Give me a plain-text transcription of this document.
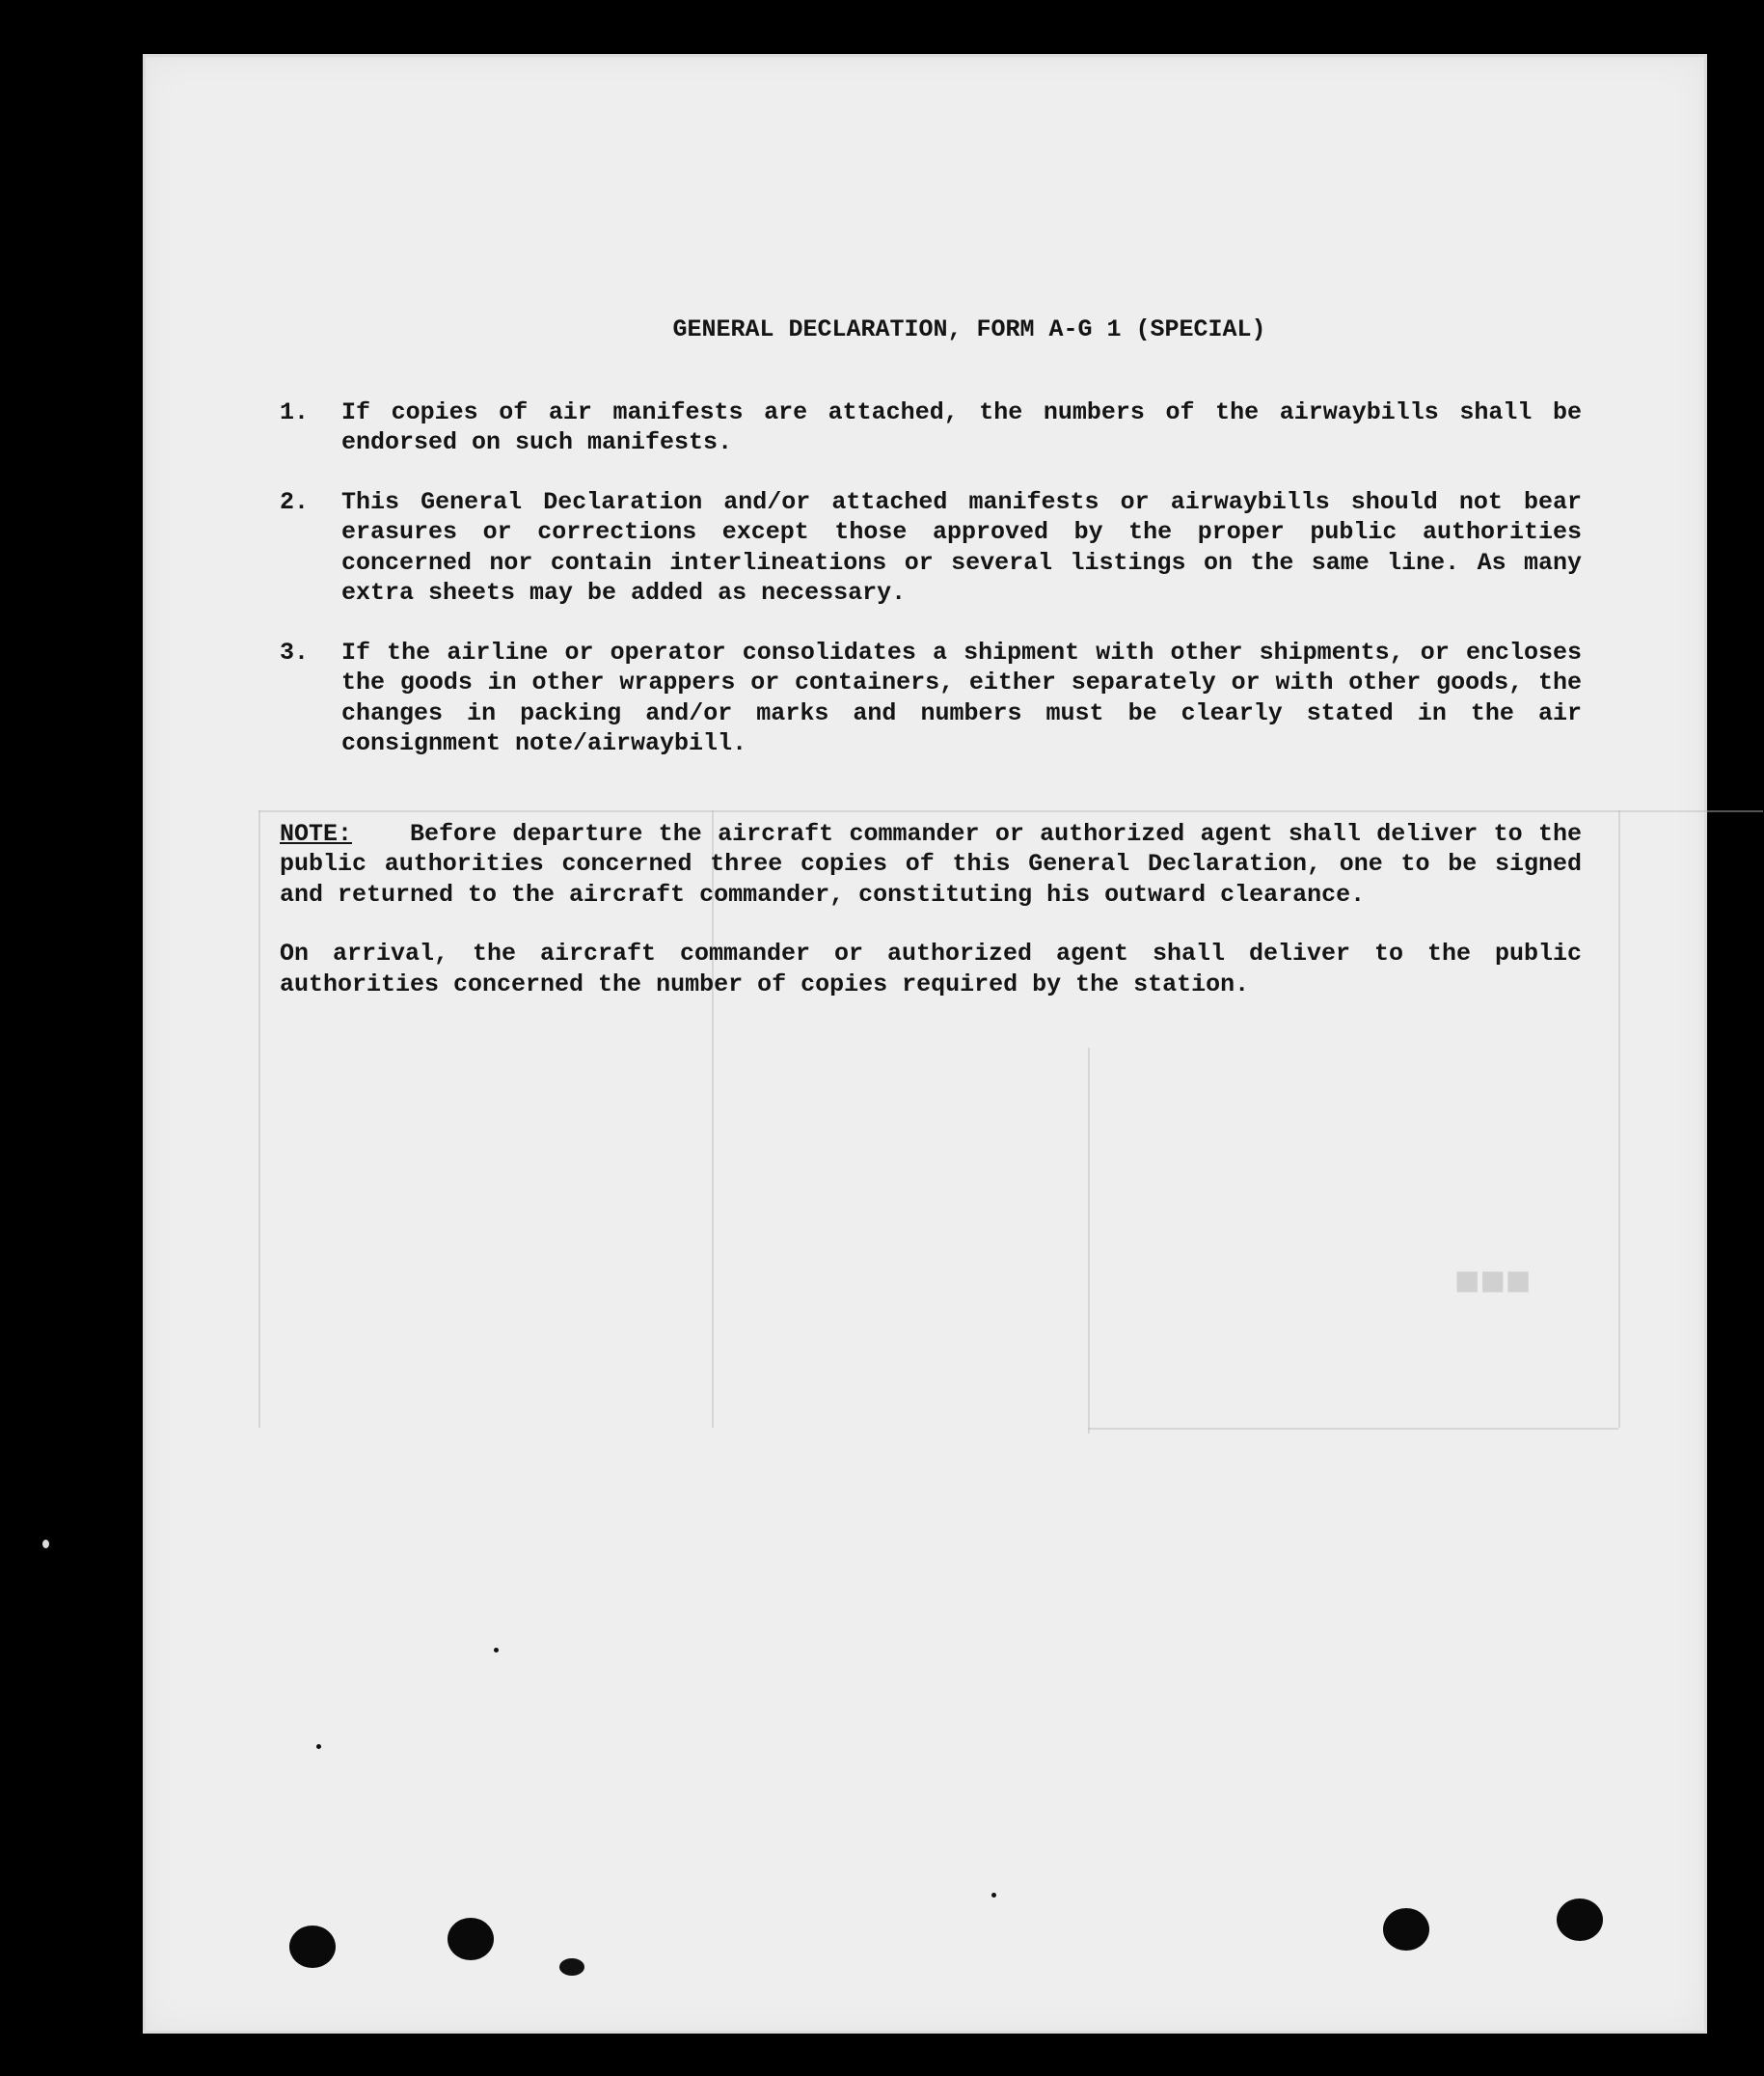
■■■
GENERAL DECLARATION, FORM A-G 1 (SPECIAL)
1.	If copies of air manifests are attached, the numbers of the airwaybills shall be endorsed on such manifests.
2.	This General Declaration and/or attached manifests or airwaybills should not bear erasures or corrections except those approved by the proper public authorities concerned nor contain interlineations or several listings on the same line. As many extra sheets may be added as necessary.
3.	If the airline or operator consolidates a shipment with other shipments, or encloses the goods in other wrappers or containers, either separately or with other goods, the changes in packing and/or marks and numbers must be clearly stated in the air consignment note/airwaybill.
NOTE: Before departure the aircraft commander or authorized agent shall deliver to the public authorities concerned three copies of this General Declaration, one to be signed and returned to the aircraft commander, constituting his outward clearance.
On arrival, the aircraft commander or authorized agent shall deliver to the public authorities concerned the number of copies required by the station.
